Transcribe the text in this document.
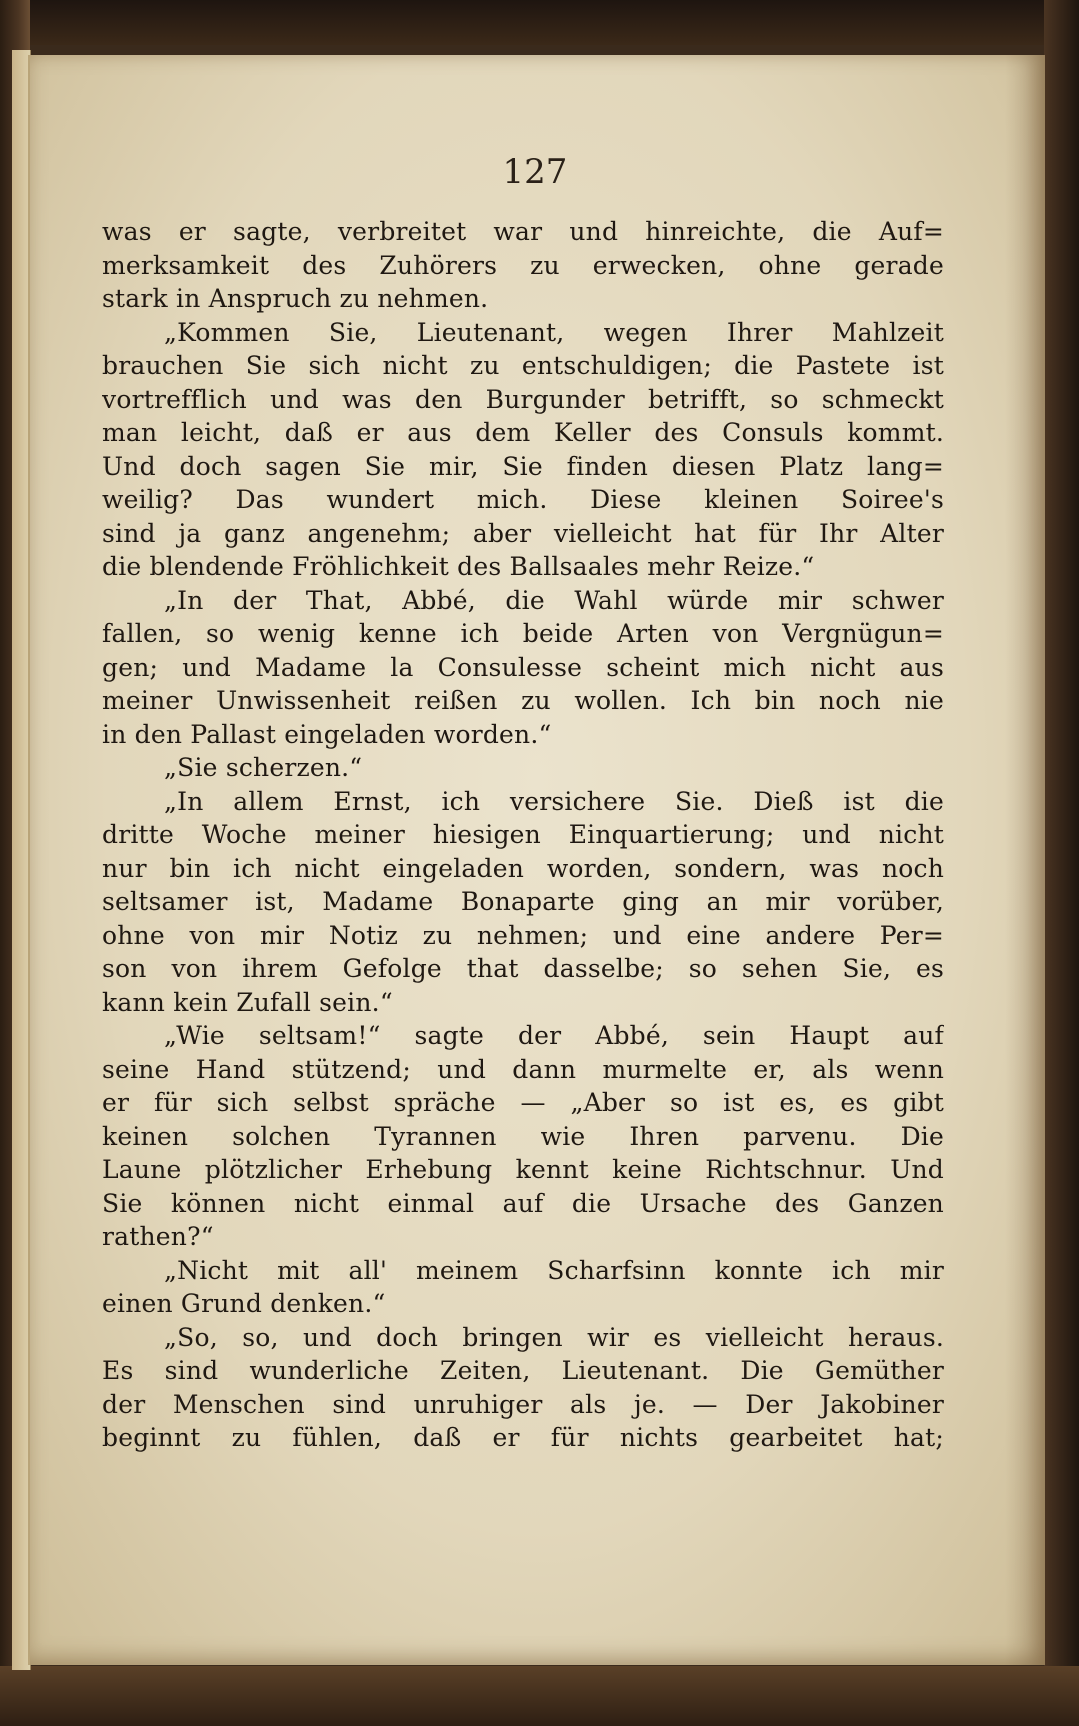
127
was er sagte, verbreitet war und hinreichte, die Auf=
merksamkeit des Zuhörers zu erwecken, ohne gerade
stark in Anspruch zu nehmen.
„Kommen Sie, Lieutenant, wegen Ihrer Mahlzeit
brauchen Sie sich nicht zu entschuldigen; die Pastete ist
vortrefflich und was den Burgunder betrifft, so schmeckt
man leicht, daß er aus dem Keller des Consuls kommt.
Und doch sagen Sie mir, Sie finden diesen Platz lang=
weilig? Das wundert mich. Diese kleinen Soiree's
sind ja ganz angenehm; aber vielleicht hat für Ihr Alter
die blendende Fröhlichkeit des Ballsaales mehr Reize.“
„In der That, Abbé, die Wahl würde mir schwer
fallen, so wenig kenne ich beide Arten von Vergnügun=
gen; und Madame la Consulesse scheint mich nicht aus
meiner Unwissenheit reißen zu wollen. Ich bin noch nie
in den Pallast eingeladen worden.“
„Sie scherzen.“
„In allem Ernst, ich versichere Sie. Dieß ist die
dritte Woche meiner hiesigen Einquartierung; und nicht
nur bin ich nicht eingeladen worden, sondern, was noch
seltsamer ist, Madame Bonaparte ging an mir vorüber,
ohne von mir Notiz zu nehmen; und eine andere Per=
son von ihrem Gefolge that dasselbe; so sehen Sie, es
kann kein Zufall sein.“
„Wie seltsam!“ sagte der Abbé, sein Haupt auf
seine Hand stützend; und dann murmelte er, als wenn
er für sich selbst spräche — „Aber so ist es, es gibt
keinen solchen Tyrannen wie Ihren parvenu. Die
Laune plötzlicher Erhebung kennt keine Richtschnur. Und
Sie können nicht einmal auf die Ursache des Ganzen
rathen?“
„Nicht mit all' meinem Scharfsinn konnte ich mir
einen Grund denken.“
„So, so, und doch bringen wir es vielleicht heraus.
Es sind wunderliche Zeiten, Lieutenant. Die Gemüther
der Menschen sind unruhiger als je. — Der Jakobiner
beginnt zu fühlen, daß er für nichts gearbeitet hat;
